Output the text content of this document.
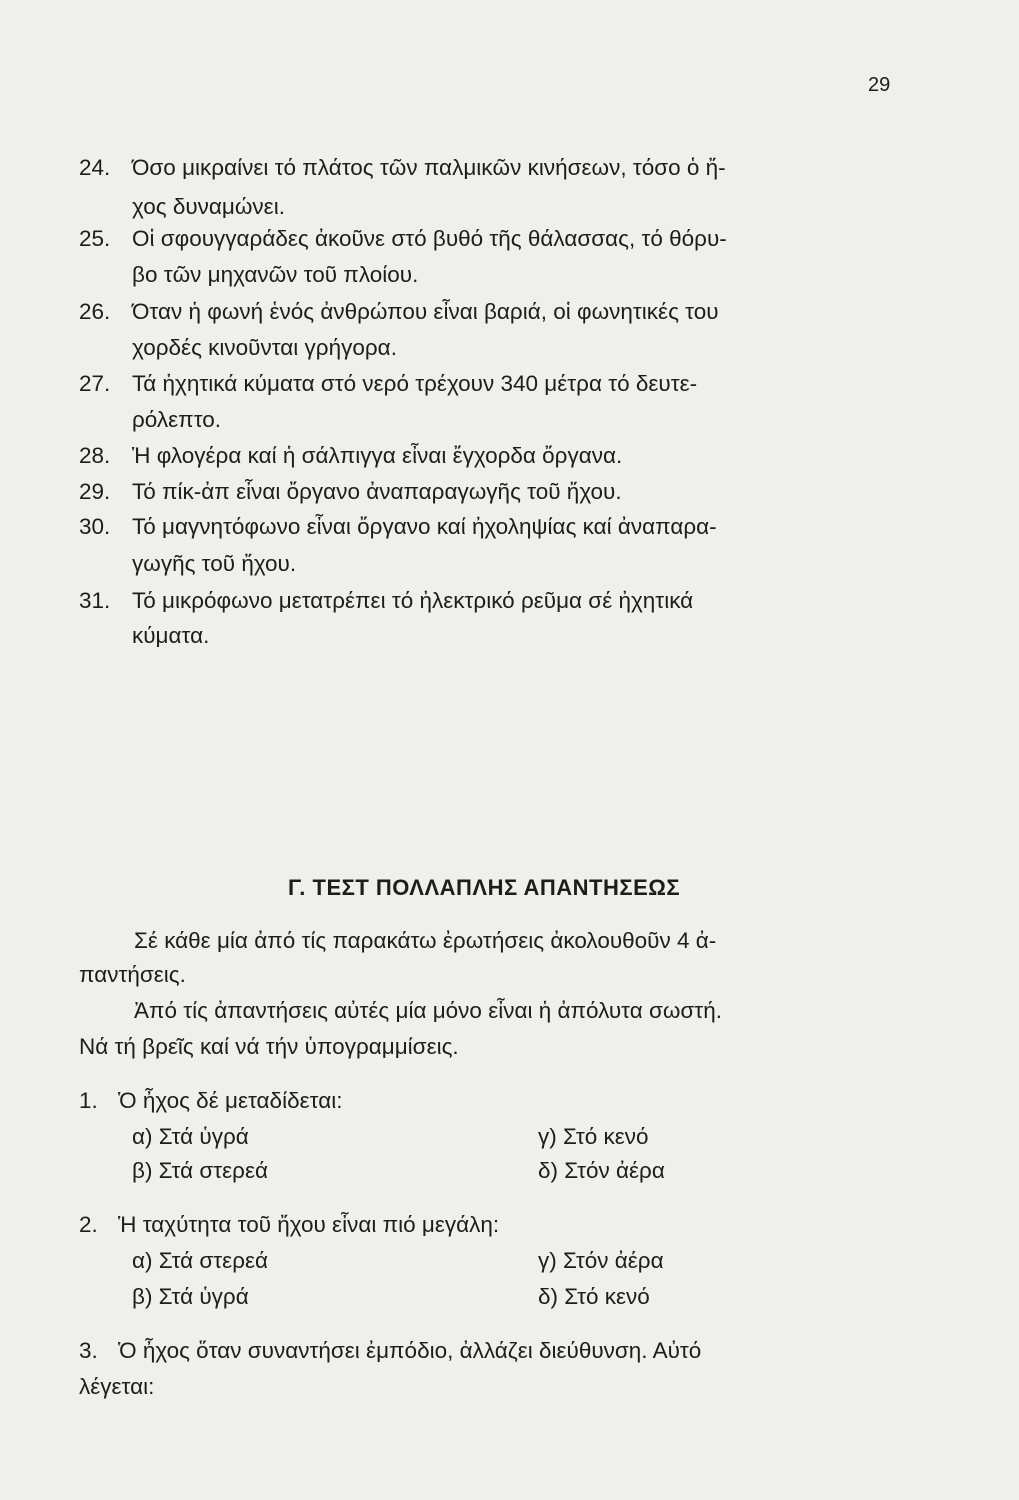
29
24. Όσο μικραίνει τό πλάτος τῶν παλμικῶν κινήσεων, τόσο ὁ ἤ-
χος δυναμώνει.
25. Οἱ σφουγγαράδες ἀκοῦνε στό βυθό τῆς θάλασσας, τό θόρυ-
βο τῶν μηχανῶν τοῦ πλοίου.
26. Όταν ἡ φωνή ἑνός ἀνθρώπου εἶναι βαριά, οἱ φωνητικές του
χορδές κινοῦνται γρήγορα.
27. Τά ἠχητικά κύματα στό νερό τρέχουν 340 μέτρα τό δευτε-
ρόλεπτο.
28. Ἡ φλογέρα καί ἡ σάλπιγγα εἶναι ἔγχορδα ὄργανα.
29. Τό πίκ-ἀπ εἶναι ὄργανο ἀναπαραγωγῆς τοῦ ἤχου.
30. Τό μαγνητόφωνο εἶναι ὄργανο καί ἠχοληψίας καί ἀναπαρα-
γωγῆς τοῦ ἤχου.
31. Τό μικρόφωνο μετατρέπει τό ἠλεκτρικό ρεῦμα σέ ἠχητικά
κύματα.
Γ. ΤΕΣΤ ΠΟΛΛΑΠΛΗΣ ΑΠΑΝΤΗΣΕΩΣ
Σέ κάθε μία ἀπό τίς παρακάτω ἐρωτήσεις ἀκολουθοῦν 4 ἀ-
παντήσεις.
Ἀπό τίς ἀπαντήσεις αὐτές μία μόνο εἶναι ἡ ἀπόλυτα σωστή.
Νά τή βρεῖς καί νά τήν ὑπογραμμίσεις.
1. Ὁ ἦχος δέ μεταδίδεται:
α) Στά ὑγρά	γ) Στό κενό
β) Στά στερεά	δ) Στόν ἀέρα
2. Ἡ ταχύτητα τοῦ ἤχου εἶναι πιό μεγάλη:
α) Στά στερεά	γ) Στόν ἀέρα
β) Στά ὑγρά	δ) Στό κενό
3. Ὁ ἦχος ὅταν συναντήσει ἐμπόδιο, ἀλλάζει διεύθυνση. Αὐτό
λέγεται:
